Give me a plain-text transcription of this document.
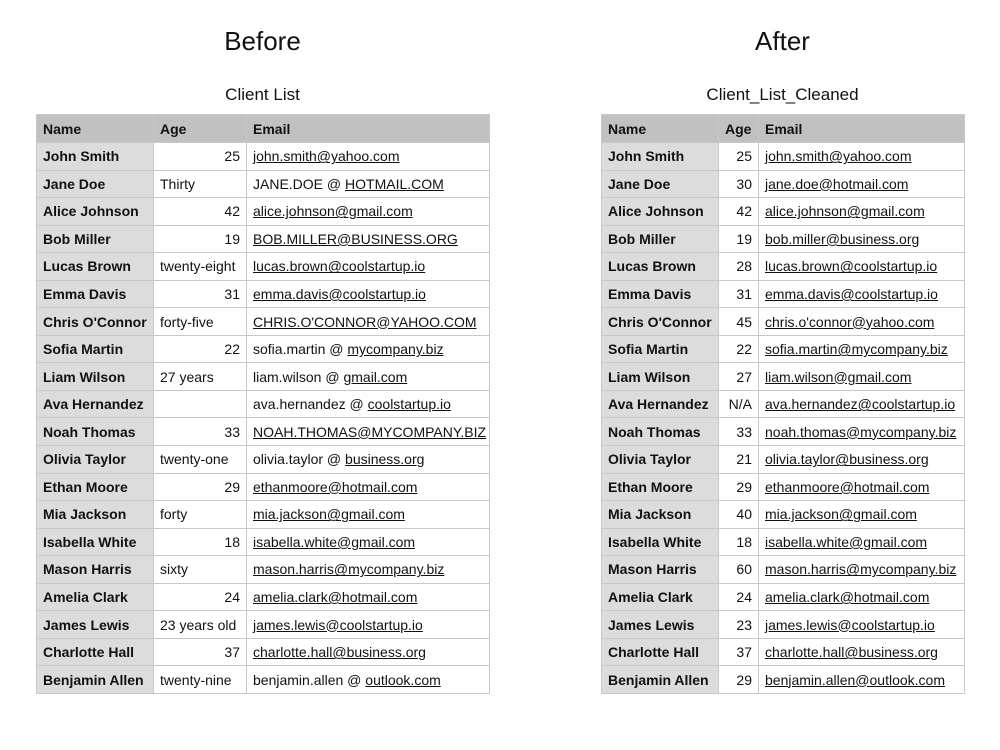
Before
Client List
Name	Age	Email
John Smith	25	john.smith@yahoo.com
Jane Doe	Thirty	JANE.DOE @ HOTMAIL.COM
Alice Johnson	42	alice.johnson@gmail.com
Bob Miller	19	BOB.MILLER@BUSINESS.ORG
Lucas Brown	twenty-eight	lucas.brown@coolstartup.io
Emma Davis	31	emma.davis@coolstartup.io
Chris O'Connor	forty-five	CHRIS.O'CONNOR@YAHOO.COM
Sofia Martin	22	sofia.martin @ mycompany.biz
Liam Wilson	27 years	liam.wilson @ gmail.com
Ava Hernandez		ava.hernandez @ coolstartup.io
Noah Thomas	33	NOAH.THOMAS@MYCOMPANY.BIZ
Olivia Taylor	twenty-one	olivia.taylor @ business.org
Ethan Moore	29	ethanmoore@hotmail.com
Mia Jackson	forty	mia.jackson@gmail.com
Isabella White	18	isabella.white@gmail.com
Mason Harris	sixty	mason.harris@mycompany.biz
Amelia Clark	24	amelia.clark@hotmail.com
James Lewis	23 years old	james.lewis@coolstartup.io
Charlotte Hall	37	charlotte.hall@business.org
Benjamin Allen	twenty-nine	benjamin.allen @ outlook.com
After
Client_List_Cleaned
Name	Age	Email
John Smith	25	john.smith@yahoo.com
Jane Doe	30	jane.doe@hotmail.com
Alice Johnson	42	alice.johnson@gmail.com
Bob Miller	19	bob.miller@business.org
Lucas Brown	28	lucas.brown@coolstartup.io
Emma Davis	31	emma.davis@coolstartup.io
Chris O'Connor	45	chris.o'connor@yahoo.com
Sofia Martin	22	sofia.martin@mycompany.biz
Liam Wilson	27	liam.wilson@gmail.com
Ava Hernandez	N/A	ava.hernandez@coolstartup.io
Noah Thomas	33	noah.thomas@mycompany.biz
Olivia Taylor	21	olivia.taylor@business.org
Ethan Moore	29	ethanmoore@hotmail.com
Mia Jackson	40	mia.jackson@gmail.com
Isabella White	18	isabella.white@gmail.com
Mason Harris	60	mason.harris@mycompany.biz
Amelia Clark	24	amelia.clark@hotmail.com
James Lewis	23	james.lewis@coolstartup.io
Charlotte Hall	37	charlotte.hall@business.org
Benjamin Allen	29	benjamin.allen@outlook.com
